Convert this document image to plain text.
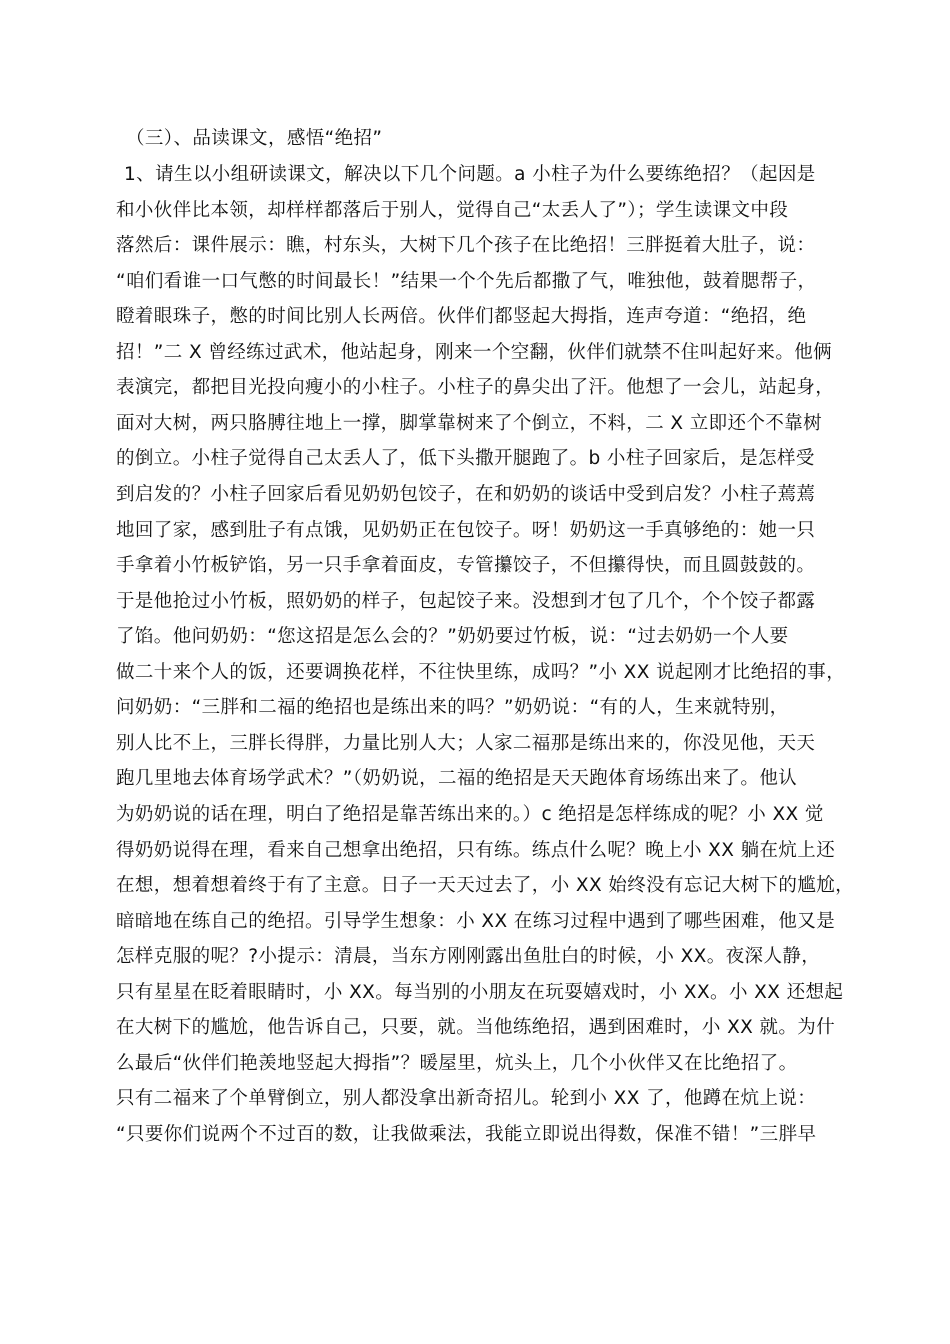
（三）、品读课文，感悟“绝招”
1、请生以小组研读课文，解决以下几个问题。a 小柱子为什么要练绝招？（起因是
和小伙伴比本领，却样样都落后于别人，觉得自己“太丢人了”）；学生读课文中段
落然后：课件展示：瞧，村东头，大树下几个孩子在比绝招！三胖挺着大肚子，说：
“咱们看谁一口气憋的时间最长！”结果一个个先后都撒了气，唯独他，鼓着腮帮子，
瞪着眼珠子，憋的时间比别人长两倍。伙伴们都竖起大拇指，连声夸道：“绝招，绝
招！”二 X 曾经练过武术，他站起身，刚来一个空翻，伙伴们就禁不住叫起好来。他俩
表演完，都把目光投向瘦小的小柱子。小柱子的鼻尖出了汗。他想了一会儿，站起身，
面对大树，两只胳膊往地上一撑，脚掌靠树来了个倒立，不料，二 X 立即还个不靠树
的倒立。小柱子觉得自己太丢人了，低下头撒开腿跑了。b 小柱子回家后，是怎样受
到启发的？小柱子回家后看见奶奶包饺子，在和奶奶的谈话中受到启发？小柱子蔫蔫
地回了家，感到肚子有点饿，见奶奶正在包饺子。呀！奶奶这一手真够绝的：她一只
手拿着小竹板铲馅，另一只手拿着面皮，专管攥饺子，不但攥得快，而且圆鼓鼓的。
于是他抢过小竹板，照奶奶的样子，包起饺子来。没想到才包了几个，个个饺子都露
了馅。他问奶奶：“您这招是怎么会的？”奶奶要过竹板，说：“过去奶奶一个人要
做二十来个人的饭，还要调换花样，不往快里练，成吗？”小 XX 说起刚才比绝招的事，
问奶奶：“三胖和二福的绝招也是练出来的吗？”奶奶说：“有的人，生来就特别，
别人比不上，三胖长得胖，力量比别人大；人家二福那是练出来的，你没见他，天天
跑几里地去体育场学武术？”（奶奶说，二福的绝招是天天跑体育场练出来了。他认
为奶奶说的话在理，明白了绝招是靠苦练出来的。）c 绝招是怎样练成的呢？小 XX 觉
得奶奶说得在理，看来自己想拿出绝招，只有练。练点什么呢？晚上小 XX 躺在炕上还
在想，想着想着终于有了主意。日子一天天过去了，小 XX 始终没有忘记大树下的尴尬，
暗暗地在练自己的绝招。引导学生想象：小 XX 在练习过程中遇到了哪些困难，他又是
怎样克服的呢？?小提示：清晨，当东方刚刚露出鱼肚白的时候，小 XX。夜深人静，
只有星星在眨着眼睛时，小 XX。每当别的小朋友在玩耍嬉戏时，小 XX。小 XX 还想起
在大树下的尴尬，他告诉自己，只要，就。当他练绝招，遇到困难时，小 XX 就。为什
么最后“伙伴们艳羡地竖起大拇指”？暖屋里，炕头上，几个小伙伴又在比绝招了。
只有二福来了个单臂倒立，别人都没拿出新奇招儿。轮到小 XX 了，他蹲在炕上说：
“只要你们说两个不过百的数，让我做乘法，我能立即说出得数，保准不错！”三胖早
